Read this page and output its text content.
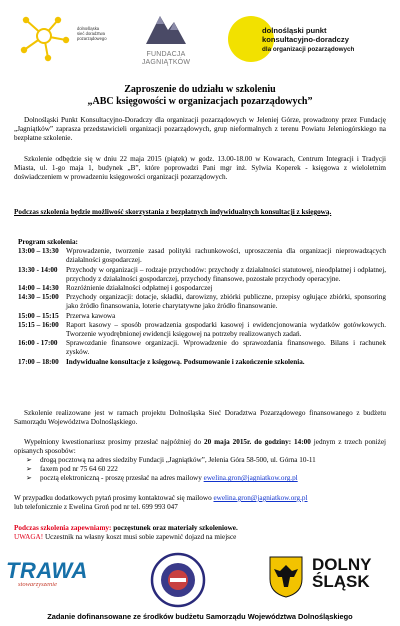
dolnośląska
sieć doradztwa
pozarządowego
FUNDACJA
JAGNIĄTKÓW
dolnośląski punkt
konsultacyjno-doradczy
dla organizacji pozarządowych
Zaproszenie do udziału w szkoleniu
„ABC księgowości w organizacjach pozarządowych”
Dolnośląski Punkt Konsultacyjno-Doradczy dla organizacji pozarządowych w Jeleniej Górze, prowadzony przez Fundację „Jagniątków” zaprasza przedstawicieli organizacji pozarządowych, grup nieformalnych z terenu Powiatu Jeleniogórskiego na bezpłatne szkolenie.
Szkolenie odbędzie się w dniu 22 maja 2015 (piątek) w godz. 13.00-18.00 w Kowarach, Centrum Integracji i Tradycji Miasta, ul. 1-go maja 1, budynek „B”, które poprowadzi Pani mgr inż. Sylwia Koperek - księgowa z wieloletnim doświadczeniem w prowadzeniu księgowości organizacji pozarządowych.
Podczas szkolenia będzie możliwość skorzystania z bezpłatnych indywidualnych konsultacji z księgową.
Program szkolenia:
13:00 – 13:30	Wprowadzenie, tworzenie zasad polityki rachunkowości, uproszczenia dla organizacji nieprowadzących działalności gospodarczej.
13:30 - 14:00	Przychody w organizacji – rodzaje przychodów: przychody z działalności statutowej, nieodpłatnej i odpłatnej, przychody z działalności gospodarczej, przychody finansowe, pozostałe przychody operacyjne.
14:00 – 14:30	Rozróżnienie działalności odpłatnej i gospodarczej
14:30 – 15:00	Przychody organizacji: dotacje, składki, darowizny, zbiórki publiczne, przepisy ogłujące zbiórki, sponsoring jako źródło finansowania, loterie charytatywne jako źródło finansowanie.
15:00 – 15:15	Przerwa kawowa
15:15 – 16:00	Raport kasowy – sposób prowadzenia gospodarki kasowej i ewidencjonowania wydatków gotówkowych. Tworzenie wyodrębnionej ewidencji księgowej na potrzeby realizowanych zadań.
16:00 - 17:00	Sprawozdanie finansowe organizacji. Wprowadzenie do sprawozdania finansowego. Bilans i rachunek zysków.
17:00 – 18:00	Indywidualne konsultacje z księgową. Podsumowanie i zakończenie szkolenia.
Szkolenie realizowane jest w ramach projektu Dolnośląska Sieć Doradztwa Pozarządowego finansowanego z budżetu Samorządu Województwa Dolnośląskiego.
Wypełniony kwestionariusz prosimy przesłać najpóźniej do 20 maja 2015r. do godziny: 14:00 jednym z trzech poniżej opisanych sposobów:
➢ drogą pocztową na adres siedziby Fundacji „Jagniątków”, Jelenia Góra 58-500, ul. Górna 10-11
➢ faxem pod nr 75 64 60 222
➢ pocztą elektroniczną - proszę przesłać na adres mailowy ewelina.gron@jagniatkow.org.pl
W przypadku dodatkowych pytań prosimy kontaktować się mailowo ewelina.gron@jagniatkow.org.pl
lub telefonicznie z Ewelina Groń pod nr tel. 699 993 047
Podczas szkolenia zapewniamy: poczęstunek oraz materiały szkoleniowe.
UWAGA! Uczestnik na własny koszt musi sobie zapewnić dojazd na miejsce
TRAWA
stowarzyszenie
DOLNY
ŚLĄSK
Zadanie dofinansowane ze środków budżetu Samorządu Województwa Dolnośląskiego
